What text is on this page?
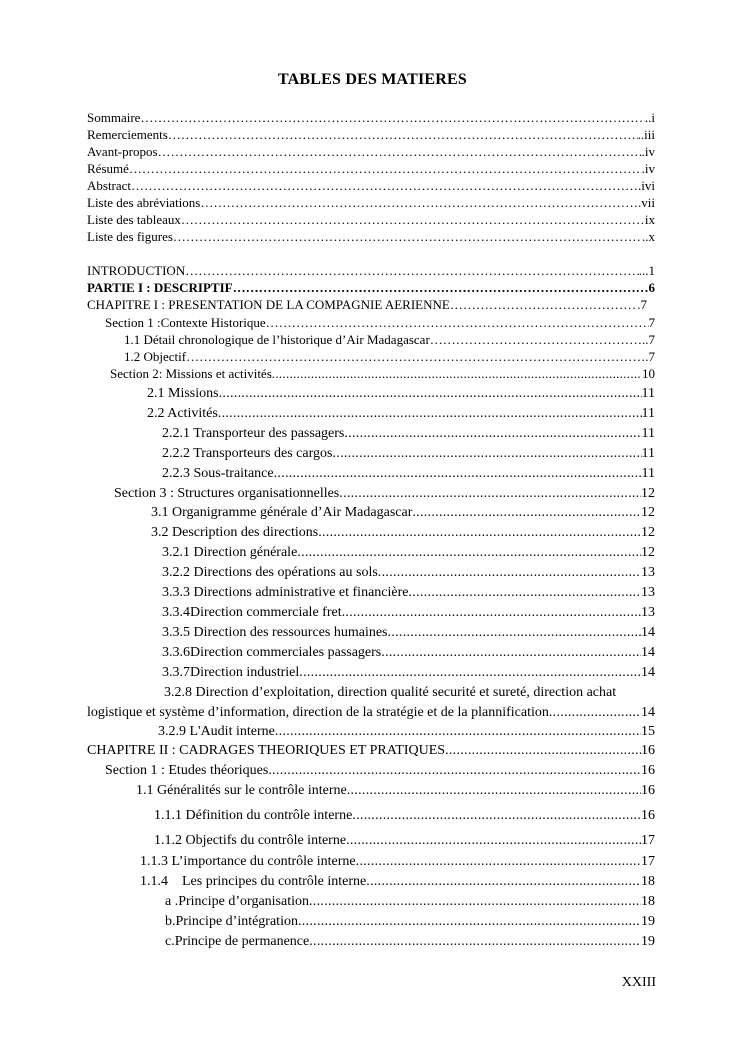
TABLES DES MATIERES
Sommaire …………………………………………………………………………………………………………………………………………………………………………………………	..i
Remerciements …………………………………………………………………………………………………………………………………………………………………………………………	..iii
Avant-propos …………………………………………………………………………………………………………………………………………………………………………………………	.iv
Résumé …………………………………………………………………………………………………………………………………………………………………………………………	.iv
Abstract …………………………………………………………………………………………………………………………………………………………………………………………	.ivi
Liste des abréviations …………………………………………………………………………………………………………………………………………………………………………………………	.vii
Liste des tableaux …………………………………………………………………………………………………………………………………………………………………………………………	ix
Liste des figures …………………………………………………………………………………………………………………………………………………………………………………………	..x
INTRODUCTION …………………………………………………………………………………………………………………………………………………………………………………………	...1
PARTIE I : DESCRIPTIF …………………………………………………………………………………………………………………………………………………………………………………………	6
CHAPITRE I : PRESENTATION DE LA COMPAGNIE AERIENNE …………………………………………………………………………………………………………………………………………………………………………………………	.7
Section 1 :Contexte Historique …………………………………………………………………………………………………………………………………………………………………………………………	7
1.1 Détail chronologique de l’historique d’Air Madagascar …………………………………………………………………………………………………………………………………………………………………………………………	..7
1.2 Objectif …………………………………………………………………………………………………………………………………………………………………………………………	.7
Section 2: Missions et activités .....	10
2.1 Missions .....	11
2.2 Activités .....	11
2.2.1 Transporteur des passagers .....	11
2.2.2 Transporteurs des cargos .....	11
2.2.3 Sous-traitance .....	11
Section 3 : Structures organisationnelles .....	12
3.1 Organigramme générale d’Air Madagascar .....	12
3.2 Description des directions .....	12
3.2.1 Direction générale .....	12
3.2.2 Directions des opérations au sols .....	13
3.3.3 Directions administrative et financière .....	13
3.3.4Direction commerciale fret .....	13
3.3.5 Direction des ressources humaines .....	14
3.3.6Direction commerciales passagers .....	14
3.3.7Direction industriel .....	14
3.2.8 Direction d’exploitation, direction qualité securité et sureté, direction achat
logistique et système d’information, direction de la stratégie et de la plannification .....	14
3.2.9 L'Audit interne .....	15
CHAPITRE II : CADRAGES THEORIQUES ET PRATIQUES .....	16
Section 1 : Etudes théoriques .....	16
1.1 Généralités sur le contrôle interne .....	16
1.1.1 Définition du contrôle interne .....	16
1.1.2 Objectifs du contrôle interne .....	17
1.1.3 L’importance du contrôle interne .....	17
1.1.4    Les principes du contrôle interne .....	18
a .Principe d’organisation .....	18
b.Principe d’intégration .....	19
c.Principe de permanence .....	19
XXIII
